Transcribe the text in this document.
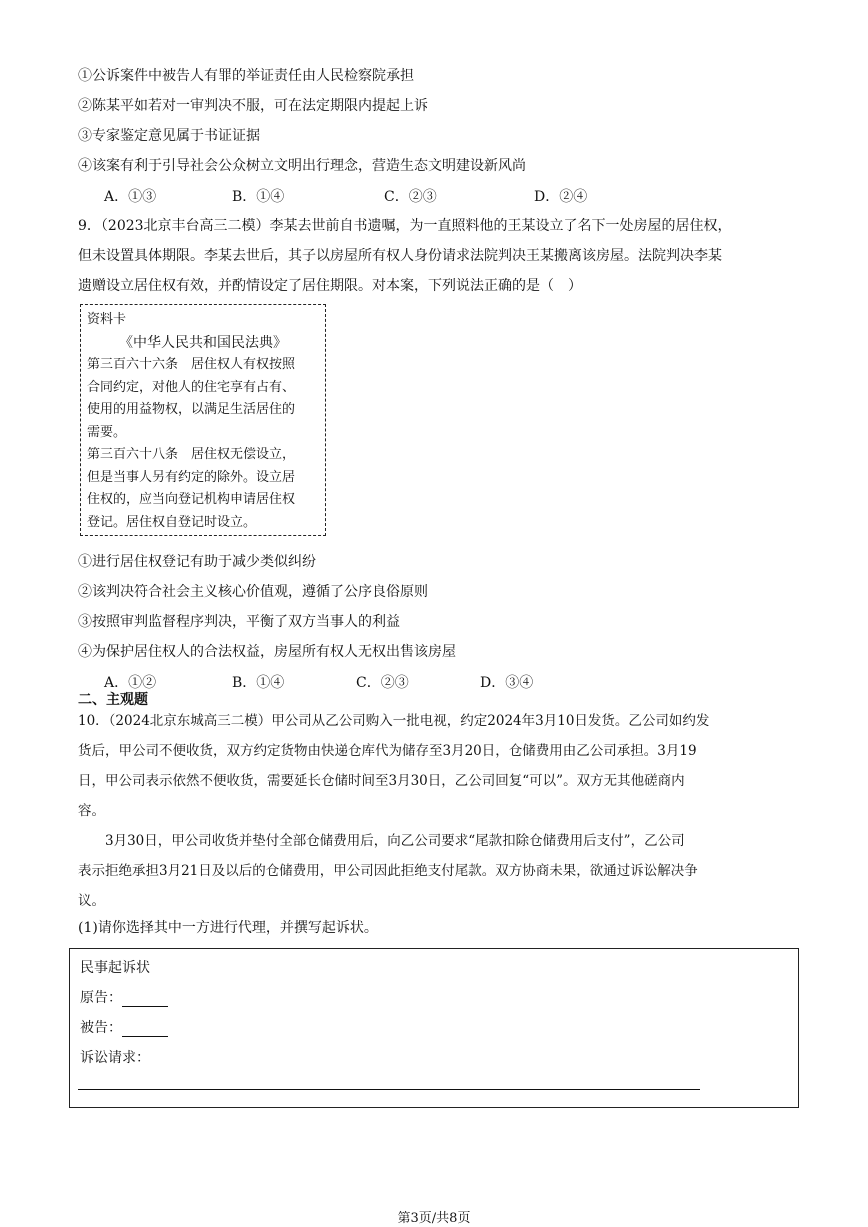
①公诉案件中被告人有罪的举证责任由人民检察院承担
②陈某平如若对一审判决不服，可在法定期限内提起上诉
③专家鉴定意见属于书证证据
④该案有利于引导社会公众树立文明出行理念，营造生态文明建设新风尚
A．①③	B．①④	C．②③	D．②④
9．（2023北京丰台高三二模）李某去世前自书遗嘱，为一直照料他的王某设立了名下一处房屋的居住权，
但未设置具体期限。李某去世后，其子以房屋所有权人身份请求法院判决王某搬离该房屋。法院判决李某
遗赠设立居住权有效，并酌情设定了居住期限。对本案，下列说法正确的是（　）
资料卡
《中华人民共和国民法典》
第三百六十六条　居住权人有权按照
合同约定，对他人的住宅享有占有、
使用的用益物权，以满足生活居住的
需要。
第三百六十八条　居住权无偿设立，
但是当事人另有约定的除外。设立居
住权的，应当向登记机构申请居住权
登记。居住权自登记时设立。
①进行居住权登记有助于减少类似纠纷
②该判决符合社会主义核心价值观，遵循了公序良俗原则
③按照审判监督程序判决，平衡了双方当事人的利益
④为保护居住权人的合法权益，房屋所有权人无权出售该房屋
A．①②	B．①④	C．②③	D．③④
二、主观题
10．（2024北京东城高三二模）甲公司从乙公司购入一批电视，约定2024年3月10日发货。乙公司如约发
货后，甲公司不便收货，双方约定货物由快递仓库代为储存至3月20日，仓储费用由乙公司承担。3月19
日，甲公司表示依然不便收货，需要延长仓储时间至3月30日，乙公司回复“可以”。双方无其他磋商内
容。
　　3月30日，甲公司收货并垫付全部仓储费用后，向乙公司要求“尾款扣除仓储费用后支付”，乙公司
表示拒绝承担3月21日及以后的仓储费用，甲公司因此拒绝支付尾款。双方协商未果，欲通过诉讼解决争
议。
(1)请你选择其中一方进行代理，并撰写起诉状。
民事起诉状
原告：
被告：
诉讼请求：
第3页/共8页
